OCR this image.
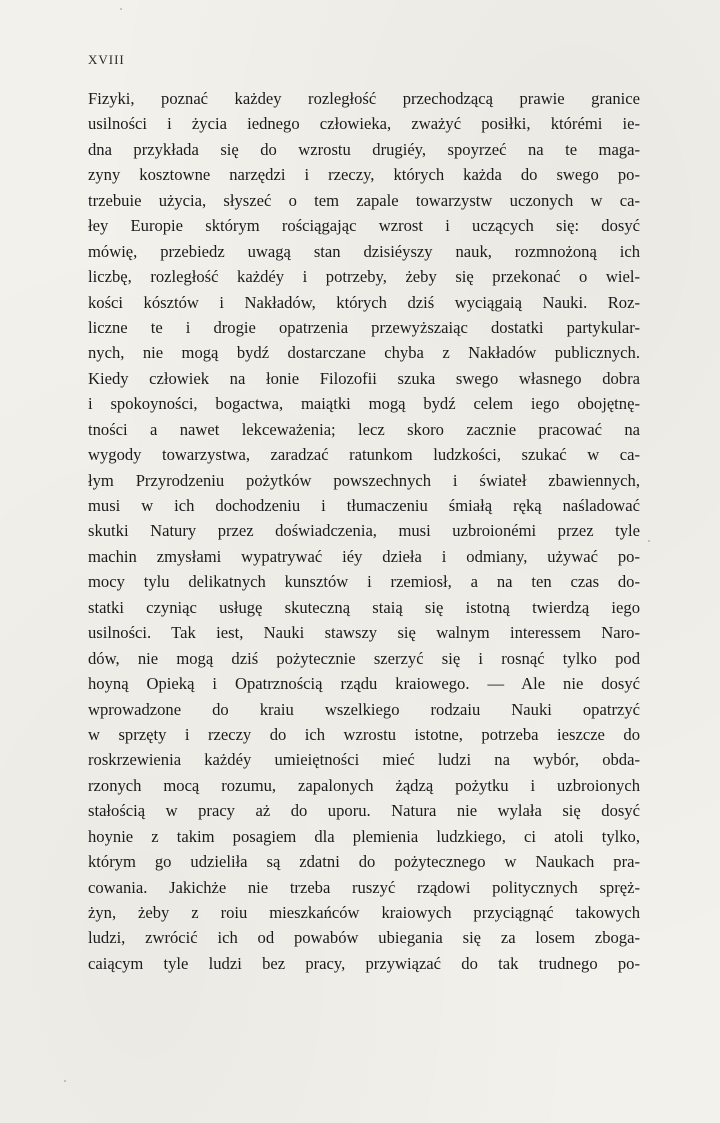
XVIII
Fizyki, poznać każdey rozległość przechodzącą prawie granice
usilności i życia iednego człowieka, zważyć posiłki, którémi ie-
dna przykłada się do wzrostu drugiéy, spoyrzeć na te maga-
zyny kosztowne narzędzi i rzeczy, których każda do swego po-
trzebuie użycia, słyszeć o tem zapale towarzystw uczonych w ca-
łey Europie sktórym rościągając wzrost i uczących się: dosyć
mówię, przebiedz uwagą stan dzisiéyszy nauk, rozmnożoną ich
liczbę, rozległość każdéy i potrzeby, żeby się przekonać o wiel-
kości kósztów i Nakładów, których dziś wyciągaią Nauki. Roz-
liczne te i drogie opatrzenia przewyższaiąc dostatki partykular-
nych, nie mogą bydź dostarczane chyba z Nakładów publicznych.
Kiedy człowiek na łonie Filozofii szuka swego własnego dobra
i spokoyności, bogactwa, maiątki mogą bydź celem iego obojętnę-
tności a nawet lekceważenia; lecz skoro zacznie pracować na
wygody towarzystwa, zaradzać ratunkom ludzkości, szukać w ca-
łym Przyrodzeniu pożytków powszechnych i świateł zbawiennych,
musi w ich dochodzeniu i tłumaczeniu śmiałą ręką naśladować
skutki Natury przez doświadczenia, musi uzbroionémi przez tyle
machin zmysłami wypatrywać iéy dzieła i odmiany, używać po-
mocy tylu delikatnych kunsztów i rzemiosł, a na ten czas do-
statki czyniąc usługę skuteczną staią się istotną twierdzą iego
usilności. Tak iest, Nauki stawszy się walnym interessem Naro-
dów, nie mogą dziś pożytecznie szerzyć się i rosnąć tylko pod
hoyną Opieką i Opatrznością rządu kraiowego. — Ale nie dosyć
wprowadzone do kraiu wszelkiego rodzaiu Nauki opatrzyć
w sprzęty i rzeczy do ich wzrostu istotne, potrzeba ieszcze do
roskrzewienia każdéy umieiętności mieć ludzi na wybór, obda-
rzonych mocą rozumu, zapalonych żądzą pożytku i uzbroionych
stałością w pracy aż do uporu. Natura nie wylała się dosyć
hoynie z takim posagiem dla plemienia ludzkiego, ci atoli tylko,
którym go udzieliła są zdatni do pożytecznego w Naukach pra-
cowania. Jakichże nie trzeba ruszyć rządowi politycznych spręż-
żyn, żeby z roiu mieszkańców kraiowych przyciągnąć takowych
ludzi, zwrócić ich od powabów ubiegania się za losem zboga-
caiącym tyle ludzi bez pracy, przywiązać do tak trudnego po-
